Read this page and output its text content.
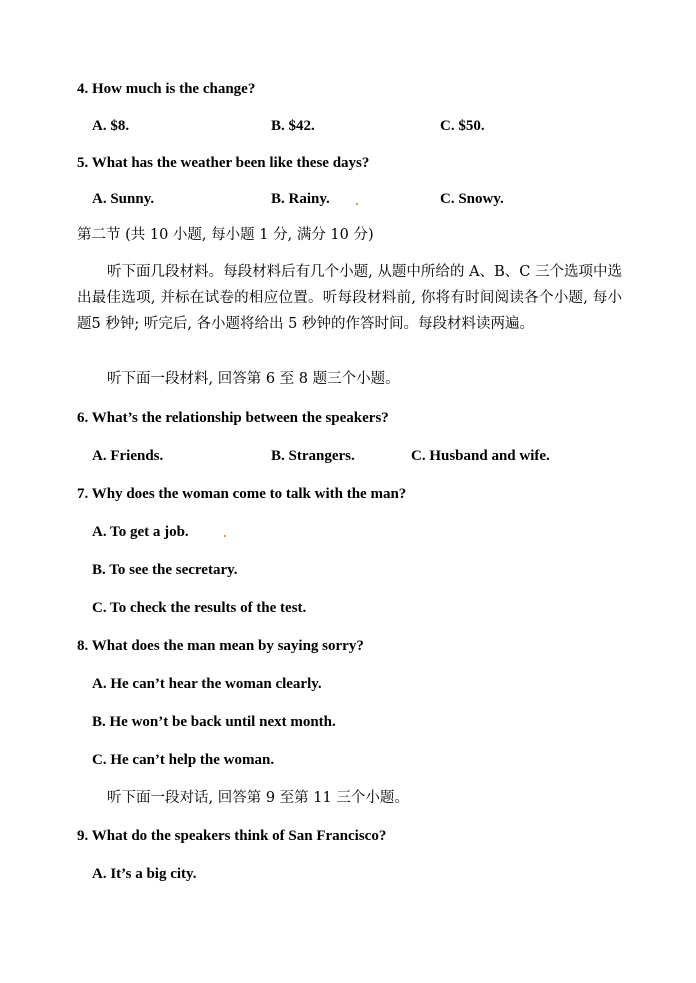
4. How much is the change?
A. $8.	B. $42.	C. $50.
5. What has the weather been like these days?
A. Sunny.	B. Rainy.	C. Snowy.
第二节 (共 10 小题, 每小题 1 分, 满分 10 分)
听下面几段材料。每段材料后有几个小题, 从题中所给的 A、B、C 三个选项中选出最佳选项, 并标在试卷的相应位置。听每段材料前, 你将有时间阅读各个小题, 每小题5 秒钟; 听完后, 各小题将给出 5 秒钟的作答时间。每段材料读两遍。
听下面一段材料, 回答第 6 至 8 题三个小题。
6. What’s the relationship between the speakers?
A. Friends.	B. Strangers.	C. Husband and wife.
7. Why does the woman come to talk with the man?
A. To get a job.
B. To see the secretary.
C. To check the results of the test.
8. What does the man mean by saying sorry?
A. He can’t hear the woman clearly.
B. He won’t be back until next month.
C. He can’t help the woman.
听下面一段对话, 回答第 9 至第 11 三个小题。
9. What do the speakers think of San Francisco?
A. It’s a big city.
